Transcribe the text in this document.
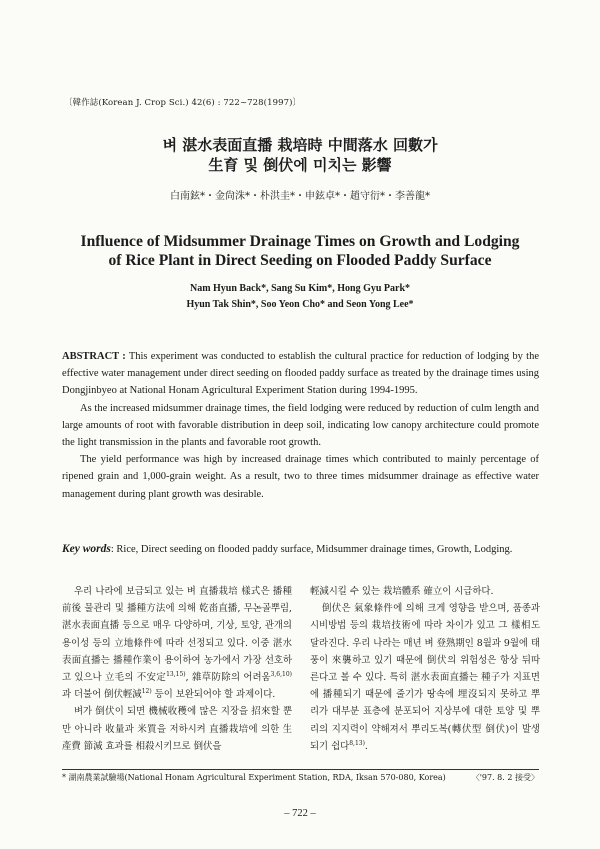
〔韓作誌(Korean J. Crop Sci.) 42(6) : 722~728(1997)〕
벼 湛水表面直播 栽培時 中間落水 回數가
生育 및 倒伏에 미치는 影響
白南鉉*・金尙洙*・朴洪圭*・申鉉卓*・趙守衍*・李善龍*
Influence of Midsummer Drainage Times on Growth and Lodging
of Rice Plant in Direct Seeding on Flooded Paddy Surface
Nam Hyun Back*, Sang Su Kim*, Hong Gyu Park*
Hyun Tak Shin*, Soo Yeon Cho* and Seon Yong Lee*

ABSTRACT : This experiment was conducted to establish the cultural practice for reduction of lodging by the effective water management under direct seeding on flooded paddy surface as treated by the drainage times using Dongjinbyeo at National Honam Agricultural Experiment Station during 1994-1995.

As the increased midsummer drainage times, the field lodging were reduced by reduction of culm length and large amounts of root with favorable distribution in deep soil, indicating low canopy architecture could promote the light transmission in the plants and favorable root growth.

The yield performance was high by increased drainage times which contributed to mainly percentage of ripened grain and 1,000-grain weight. As a result, two to three times midsummer drainage as effective water management during plant growth was desirable.

Key words: Rice, Direct seeding on flooded paddy surface, Midsummer drainage times, Growth, Lodging.

우리 나라에 보급되고 있는 벼 直播栽培 樣式은 播種前後 물관리 및 播種方法에 의해 乾畓直播, 무논골뿌림, 湛水表面直播 등으로 매우 다양하며, 기상, 토양, 관개의 용이성 등의 立地條件에 따라 선정되고 있다. 이중 湛水表面直播는 播種作業이 용이하여 농가에서 가장 선호하고 있으나 立毛의 不安定$^{13,15)}$, 雜草防除의 어려움$^{3,6,10)}$과 더불어 倒伏輕減$^{12)}$ 등이 보완되어야 할 과제이다.

벼가 倒伏이 되면 機械收穫에 많은 지장을 招來할 뿐만 아니라 收量과 米質을 저하시켜 直播栽培에 의한 生產費 節減 효과를 相殺시키므로 倒伏을

輕減시킬 수 있는 栽培體系 確立이 시급하다.

倒伏은 氣象條件에 의해 크게 영향을 받으며, 품종과 시비방법 등의 栽培技術에 따라 차이가 있고 그 樣相도 달라진다. 우리 나라는 매년 벼 登熟期인 8월과 9월에 태풍이 來襲하고 있기 때문에 倒伏의 위험성은 항상 뒤따른다고 볼 수 있다. 특히 湛水表面直播는 種子가 지표면에 播種되기 때문에 줄기가 땅속에 埋沒되지 못하고 뿌리가 대부분 표층에 분포되어 지상부에 대한 토양 및 뿌리의 지지력이 약해져서 뿌리도복(轉伏型 倒伏)이 발생되기 쉽다$^{8,13)}$.

* 湖南農業試驗場(National Honam Agricultural Experiment Station, RDA, Iksan 570-080, Korea)	〈'97. 8. 2 接受〉
– 722 –
